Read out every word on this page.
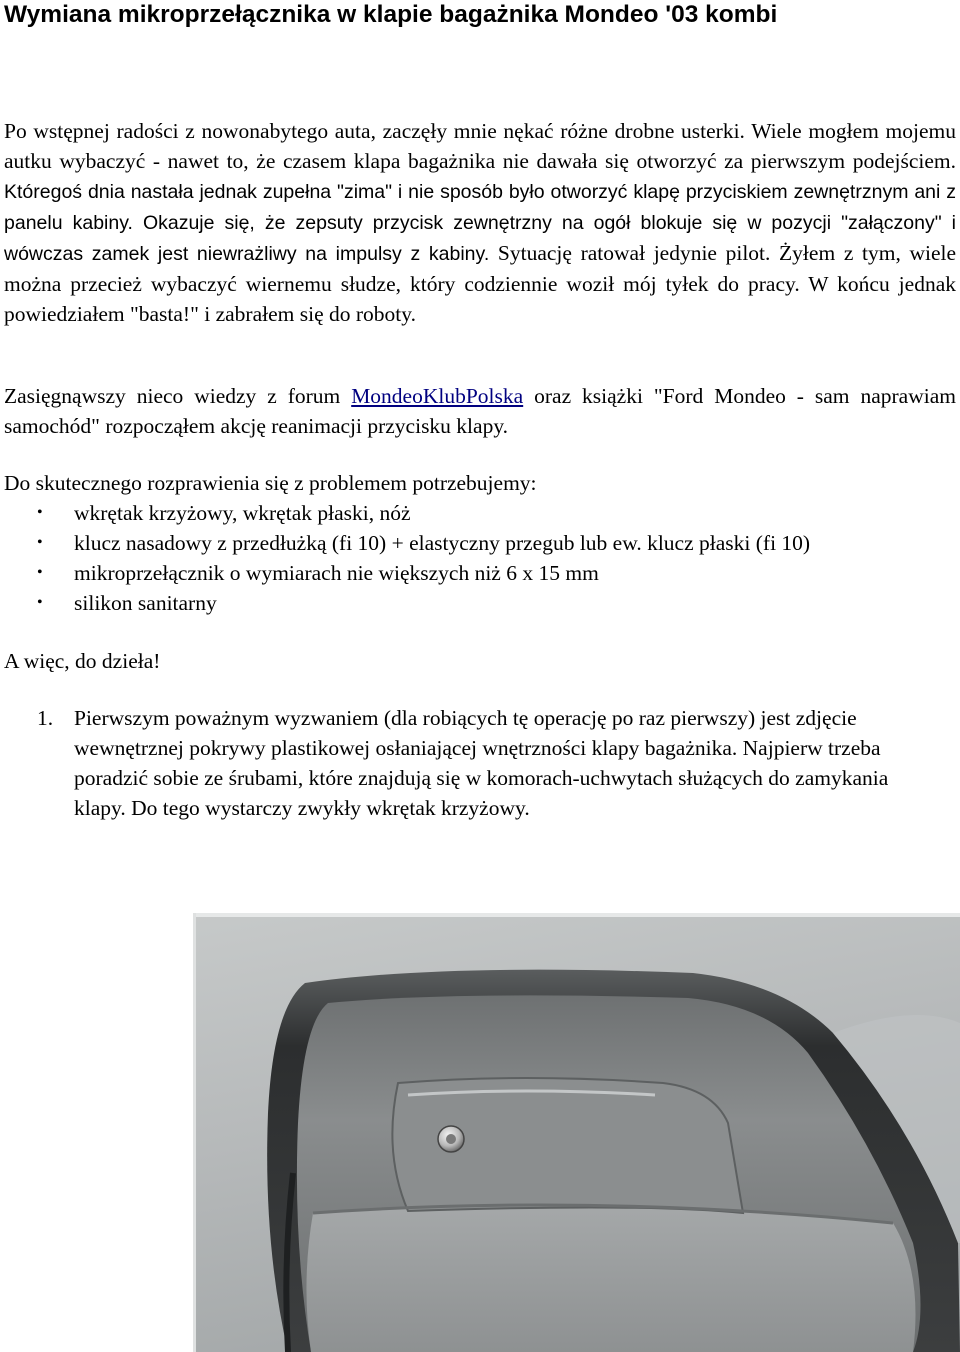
Wymiana mikroprzełącznika w klapie bagażnika Mondeo '03 kombi

Po wstępnej radości z nowonabytego auta, zaczęły mnie nękać różne drobne usterki. Wiele mogłem mojemu autku wybaczyć - nawet to, że czasem klapa bagażnika nie dawała się otworzyć za pierwszym podejściem. Któregoś dnia nastała jednak zupełna "zima" i nie sposób było otworzyć klapę przyciskiem zewnętrznym ani z panelu kabiny. Okazuje się, że zepsuty przycisk zewnętrzny na ogół blokuje się w pozycji "załączony" i wówczas zamek jest niewrażliwy na impulsy z kabiny. Sytuację ratował jedynie pilot. Żyłem z tym, wiele można przecież wybaczyć wiernemu słudze, który codziennie woził mój tyłek do pracy. W końcu jednak powiedziałem "basta!" i zabrałem się do roboty.

Zasięgnąwszy nieco wiedzy z forum MondeoKlubPolska oraz książki "Ford Mondeo - sam naprawiam samochód" rozpocząłem akcję reanimacji przycisku klapy.

Do skutecznego rozprawienia się z problemem potrzebujemy:

• wkrętak krzyżowy, wkrętak płaski, nóż
• klucz nasadowy z przedłużką (fi 10) + elastyczny przegub lub ew. klucz płaski (fi 10)
• mikroprzełącznik o wymiarach nie większych niż 6 x 15 mm
• silikon sanitarny

A więc, do dzieła!

1. Pierwszym poważnym wyzwaniem (dla robiących tę operację po raz pierwszy) jest zdjęcie wewnętrznej pokrywy plastikowej osłaniającej wnętrzności klapy bagażnika. Najpierw trzeba poradzić sobie ze śrubami, które znajdują się w komorach-uchwytach służących do zamykania klapy. Do tego wystarczy zwykły wkrętak krzyżowy.
